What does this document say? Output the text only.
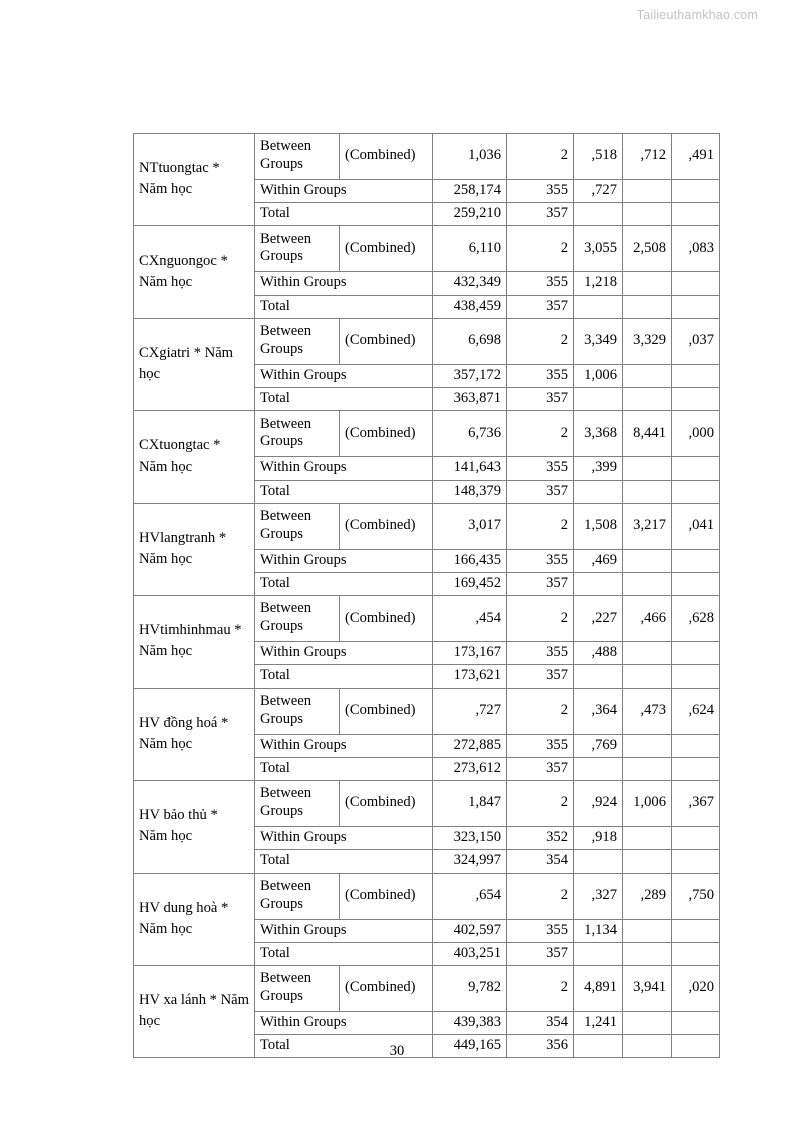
Tailieuthamkhao.com
NTtuongtac * Năm học	Between Groups	(Combined)	1,036	2	,518	,712	,491
	Within Groups		258,174	355	,727		
	Total		259,210	357			
CXnguongoc * Năm học	Between Groups	(Combined)	6,110	2	3,055	2,508	,083
	Within Groups		432,349	355	1,218		
	Total		438,459	357			
CXgiatri * Năm học	Between Groups	(Combined)	6,698	2	3,349	3,329	,037
	Within Groups		357,172	355	1,006		
	Total		363,871	357			
CXtuongtac * Năm học	Between Groups	(Combined)	6,736	2	3,368	8,441	,000
	Within Groups		141,643	355	,399		
	Total		148,379	357			
HVlangtranh * Năm học	Between Groups	(Combined)	3,017	2	1,508	3,217	,041
	Within Groups		166,435	355	,469		
	Total		169,452	357			
HVtimhinhmau * Năm học	Between Groups	(Combined)	,454	2	,227	,466	,628
	Within Groups		173,167	355	,488		
	Total		173,621	357			
HV đồng hoá * Năm học	Between Groups	(Combined)	,727	2	,364	,473	,624
	Within Groups		272,885	355	,769		
	Total		273,612	357			
HV bảo thủ * Năm học	Between Groups	(Combined)	1,847	2	,924	1,006	,367
	Within Groups		323,150	352	,918		
	Total		324,997	354			
HV dung hoà * Năm học	Between Groups	(Combined)	,654	2	,327	,289	,750
	Within Groups		402,597	355	1,134		
	Total		403,251	357			
HV xa lánh * Năm học	Between Groups	(Combined)	9,782	2	4,891	3,941	,020
	Within Groups		439,383	354	1,241		
	Total		449,165	356			
30
